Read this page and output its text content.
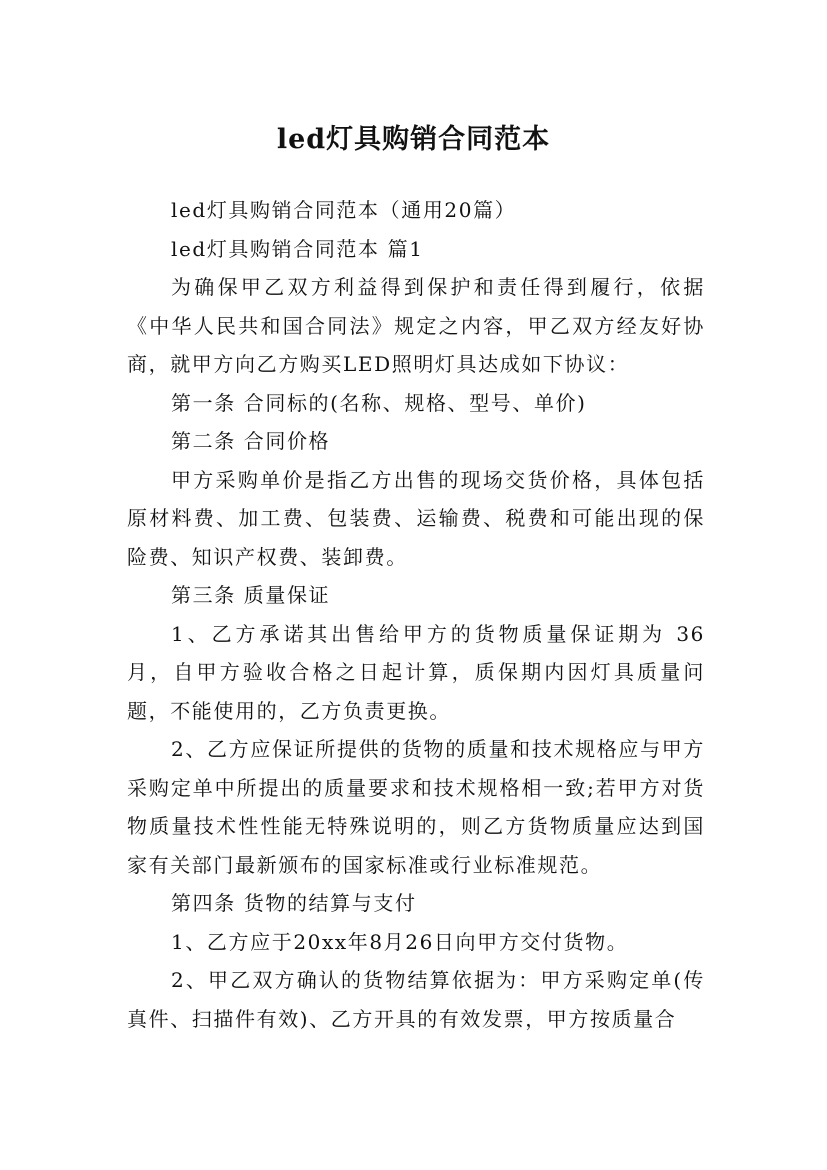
led灯具购销合同范本

led灯具购销合同范本（通用20篇）

led灯具购销合同范本 篇1

为确保甲乙双方利益得到保护和责任得到履行，依据《中华人民共和国合同法》规定之内容，甲乙双方经友好协商，就甲方向乙方购买LED照明灯具达成如下协议：

第一条 合同标的(名称、规格、型号、单价)

第二条 合同价格

甲方采购单价是指乙方出售的现场交货价格，具体包括原材料费、加工费、包装费、运输费、税费和可能出现的保险费、知识产权费、装卸费。

第三条 质量保证

1、乙方承诺其出售给甲方的货物质量保证期为 36 月，自甲方验收合格之日起计算，质保期内因灯具质量问题，不能使用的，乙方负责更换。

2、乙方应保证所提供的货物的质量和技术规格应与甲方采购定单中所提出的质量要求和技术规格相一致;若甲方对货物质量技术性性能无特殊说明的，则乙方货物质量应达到国家有关部门最新颁布的国家标准或行业标准规范。

第四条 货物的结算与支付

1、乙方应于20xx年8月26日向甲方交付货物。

2、甲乙双方确认的货物结算依据为：甲方采购定单(传真件、扫描件有效)、乙方开具的有效发票，甲方按质量合
